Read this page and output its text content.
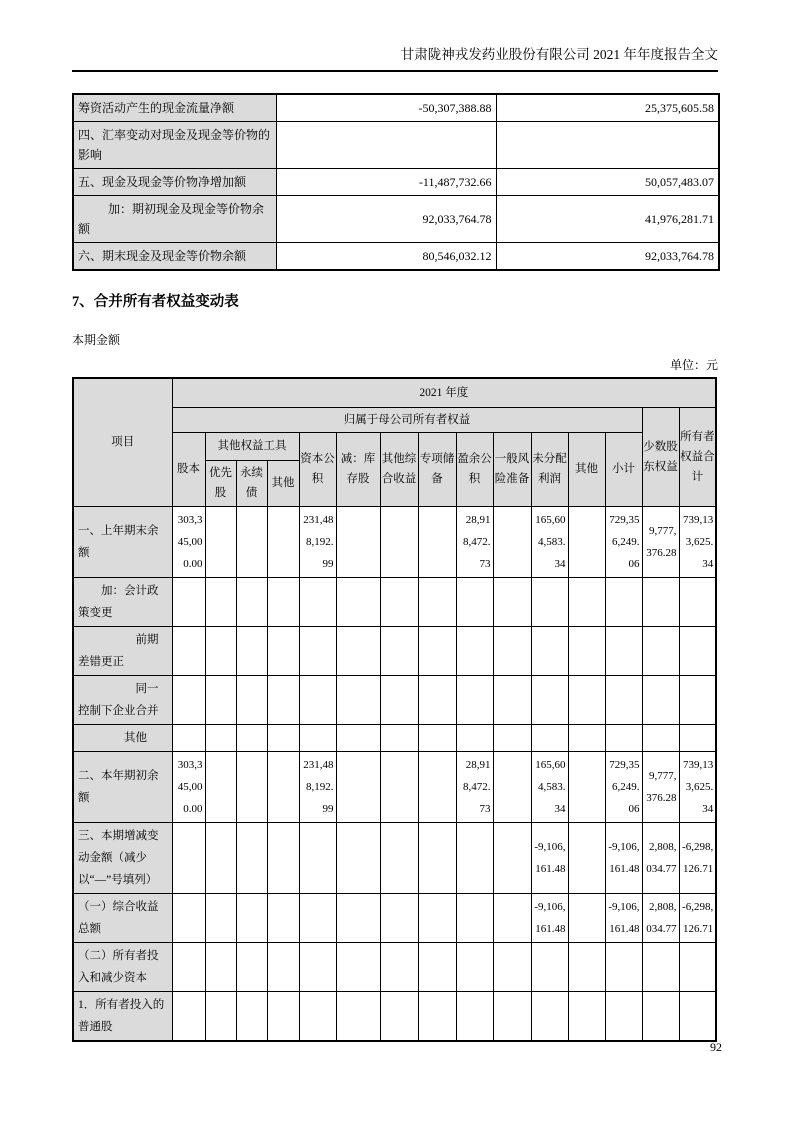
甘肃陇神戎发药业股份有限公司 2021 年年度报告全文
筹资活动产生的现金流量净额	-50,307,388.88	25,375,605.58
四、汇率变动对现金及现金等价物的影响		
五、现金及现金等价物净增加额	-11,487,732.66	50,057,483.07
加：期初现金及现金等价物余额	92,033,764.78	41,976,281.71
六、期末现金及现金等价物余额	80,546,032.12	92,033,764.78
7、合并所有者权益变动表
本期金额
单位：元
项目	2021 年度														
	归属于母公司所有者权益													少数股东权益	所有者权益合计
	股本	其他权益工具			资本公积	减：库存股	其他综合收益	专项储备	盈余公积	一般风险准备	未分配利润	其他	小计		
		优先股	永续债	其他											
一、上年期末余额	303,345,000.00				231,488,192.99				28,918,472.73		165,604,583.34		729,356,249.06	9,777,376.28	739,133,625.34
加：会计政策变更															
前期差错更正															
同一控制下企业合并															
其他															
二、本年期初余额	303,345,000.00				231,488,192.99				28,918,472.73		165,604,583.34		729,356,249.06	9,777,376.28	739,133,625.34
三、本期增减变动金额（减少以“—”号填列）											-9,106,161.48		-9,106,161.48	2,808,034.77	-6,298,126.71
（一）综合收益总额											-9,106,161.48		-9,106,161.48	2,808,034.77	-6,298,126.71
（二）所有者投入和减少资本															
1．所有者投入的普通股															
92
